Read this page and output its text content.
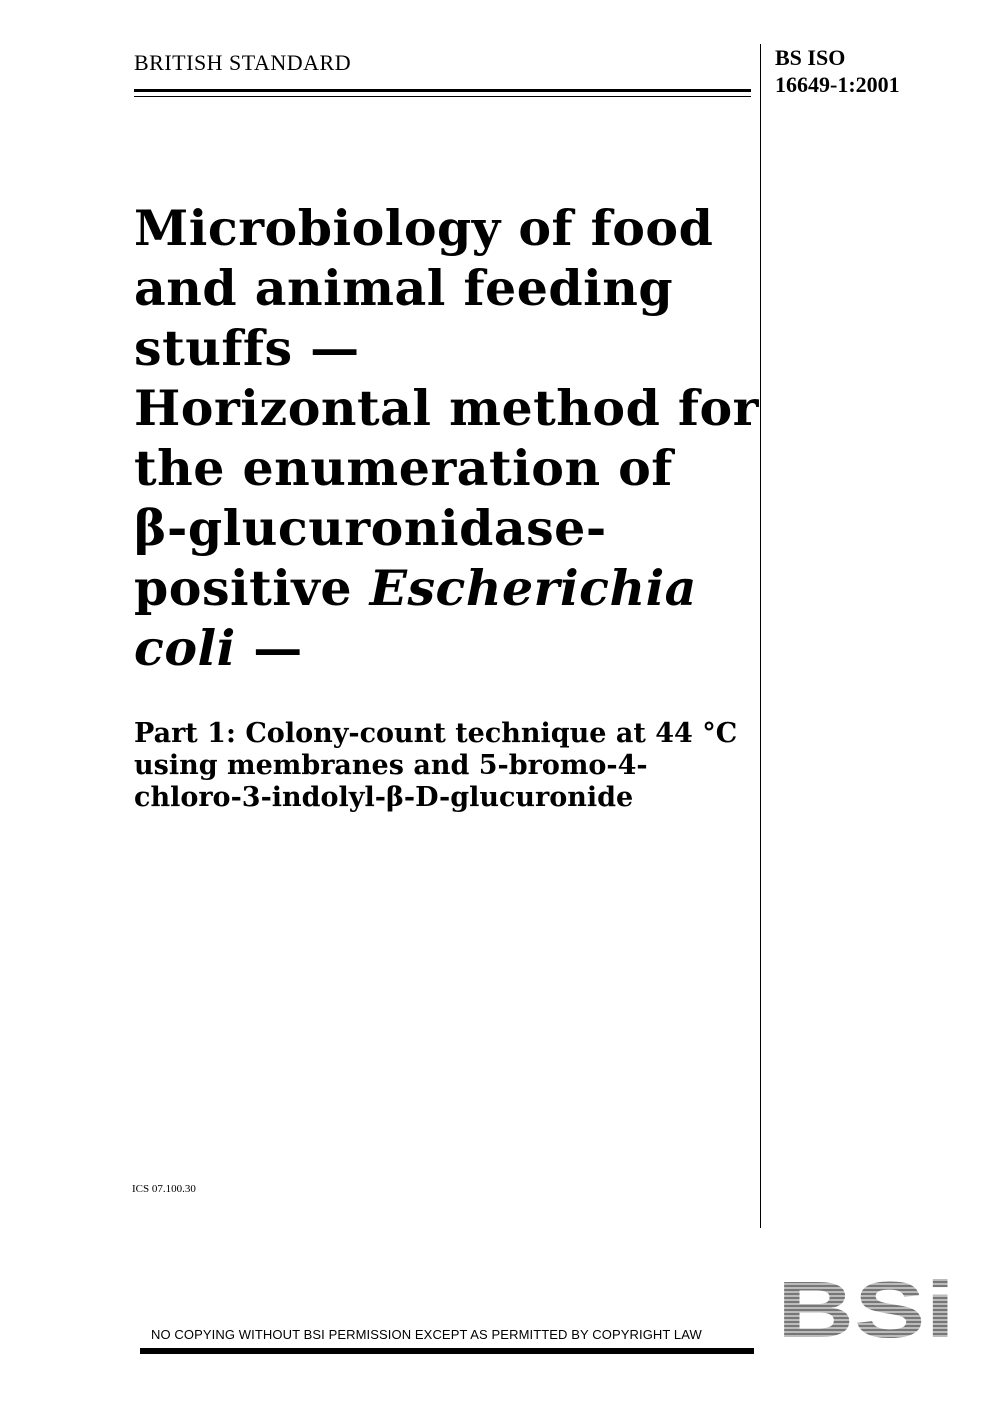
BRITISH STANDARD	BS ISO
16649-1:2001
Microbiology of food
and animal feeding
stuffs —
Horizontal method for
the enumeration of
β-glucuronidase-
positive Escherichia
coli —
Part 1: Colony-count technique at 44 °C
using membranes and 5-bromo-4-
chloro-3-indolyl-β-D-glucuronide
ICS 07.100.30
BSi
NO COPYING WITHOUT BSI PERMISSION EXCEPT AS PERMITTED BY COPYRIGHT LAW
